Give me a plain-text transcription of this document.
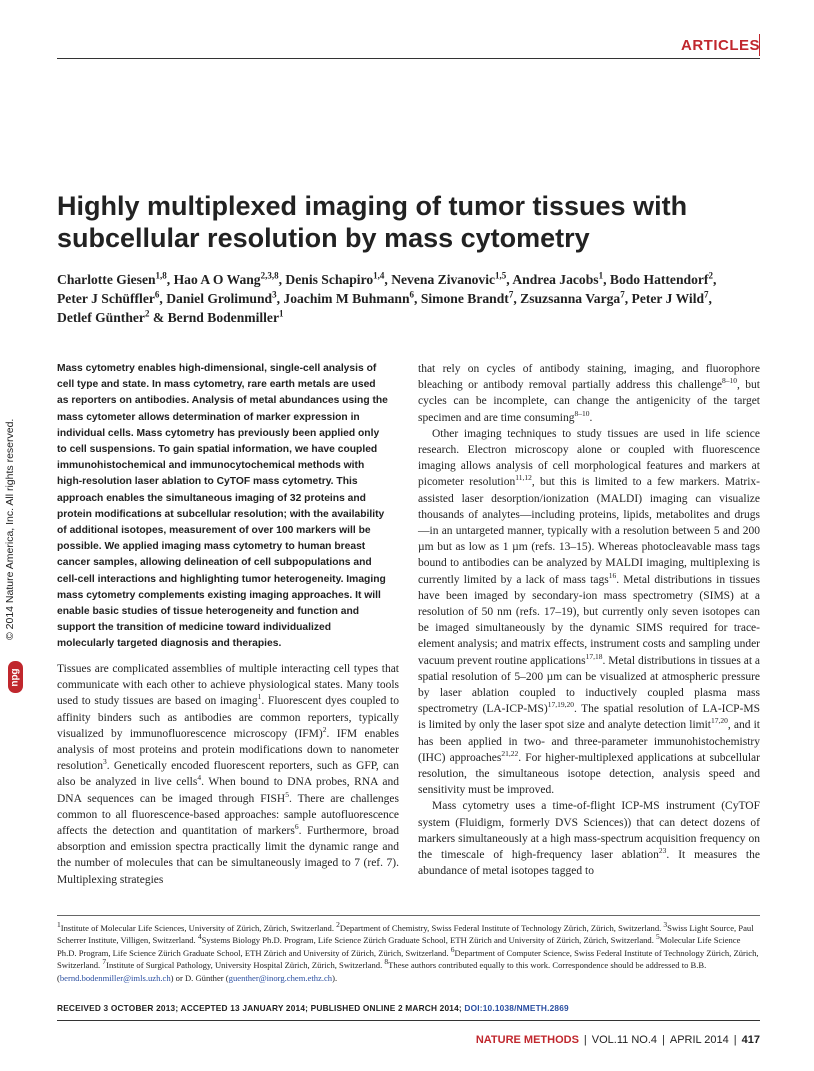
ARTICLES
© 2014 Nature America, Inc. All rights reserved.
npg
Highly multiplexed imaging of tumor tissues with subcellular resolution by mass cytometry
Charlotte Giesen$^{1,8}$, Hao A O Wang$^{2,3,8}$, Denis Schapiro$^{1,4}$, Nevena Zivanovic$^{1,5}$, Andrea Jacobs$^1$, Bodo Hattendorf$^2$, Peter J Schüffler$^6$, Daniel Grolimund$^3$, Joachim M Buhmann$^6$, Simone Brandt$^7$, Zsuzsanna Varga$^7$, Peter J Wild$^7$, Detlef Günther$^2$ & Bernd Bodenmiller$^1$
Mass cytometry enables high-dimensional, single-cell analysis of cell type and state. In mass cytometry, rare earth metals are used as reporters on antibodies. Analysis of metal abundances using the mass cytometer allows determination of marker expression in individual cells. Mass cytometry has previously been applied only to cell suspensions. To gain spatial information, we have coupled immunohistochemical and immunocytochemical methods with high-resolution laser ablation to CyTOF mass cytometry. This approach enables the simultaneous imaging of 32 proteins and protein modifications at subcellular resolution; with the availability of additional isotopes, measurement of over 100 markers will be possible. We applied imaging mass cytometry to human breast cancer samples, allowing delineation of cell subpopulations and cell-cell interactions and highlighting tumor heterogeneity. Imaging mass cytometry complements existing imaging approaches. It will enable basic studies of tissue heterogeneity and function and support the transition of medicine toward individualized molecularly targeted diagnosis and therapies.

Tissues are complicated assemblies of multiple interacting cell types that communicate with each other to achieve physiological states. Many tools used to study tissues are based on imaging$^1$. Fluorescent dyes coupled to affinity binders such as antibodies are common reporters, typically visualized by immunofluorescence microscopy (IFM)$^2$. IFM enables analysis of most proteins and protein modifications down to nanometer resolution$^3$. Genetically encoded fluorescent reporters, such as GFP, can also be analyzed in live cells$^4$. When bound to DNA probes, RNA and DNA sequences can be imaged through FISH$^5$. There are challenges common to all fluorescence-based approaches: sample autofluorescence affects the detection and quantitation of markers$^6$. Furthermore, broad absorption and emission spectra practically limit the dynamic range and the number of molecules that can be simultaneously imaged to 7 (ref. 7). Multiplexing strategies

that rely on cycles of antibody staining, imaging, and fluorophore bleaching or antibody removal partially address this challenge$^{8-10}$, but cycles can be incomplete, can change the antigenicity of the target specimen and are time consuming$^{8-10}$.

Other imaging techniques to study tissues are used in life science research. Electron microscopy alone or coupled with fluorescence imaging allows analysis of cell morphological features and markers at picometer resolution$^{11,12}$, but this is limited to a few markers. Matrix-assisted laser desorption/ionization (MALDI) imaging can visualize thousands of analytes—including proteins, lipids, metabolites and drugs—in an untargeted manner, typically with a resolution between 5 and 200 µm but as low as 1 µm (refs. 13–15). Whereas photocleavable mass tags bound to antibodies can be analyzed by MALDI imaging, multiplexing is currently limited by a lack of mass tags$^{16}$. Metal distributions in tissues have been imaged by secondary-ion mass spectrometry (SIMS) at a resolution of 50 nm (refs. 17–19), but currently only seven isotopes can be imaged simultaneously by the dynamic SIMS required for trace-element analysis; and matrix effects, instrument costs and sampling under vacuum prevent routine applications$^{17,18}$. Metal distributions in tissues at a spatial resolution of 5–200 µm can be visualized at atmospheric pressure by laser ablation coupled to inductively coupled plasma mass spectrometry $(LA-ICP-MS)^{17,19,20}$. The spatial resolution of LA-ICP-MS is limited by only the laser spot size and analyte detection limit$^{17,20}$, and it has been applied in two- and three-parameter immunohistochemistry (IHC) approaches$^{21,22}$. For higher-multiplexed applications at subcellular resolution, the simultaneous isotope detection, analysis speed and sensitivity must be improved.

Mass cytometry uses a time-of-flight ICP-MS instrument (CyTOF system (Fluidigm, formerly DVS Sciences)) that can detect dozens of markers simultaneously at a high mass-spectrum acquisition frequency on the timescale of high-frequency laser ablation$^{23}$. It measures the abundance of metal isotopes tagged to

$^1$Institute of Molecular Life Sciences, University of Zürich, Zürich, Switzerland. $^2$Department of Chemistry, Swiss Federal Institute of Technology Zürich, Zürich, Switzerland. $^3$Swiss Light Source, Paul Scherrer Institute, Villigen, Switzerland. $^4$Systems Biology Ph.D. Program, Life Science Zürich Graduate School, ETH Zürich and University of Zürich, Zürich, Switzerland. $^5$Molecular Life Science Ph.D. Program, Life Science Zürich Graduate School, ETH Zürich and University of Zürich, Zürich, Switzerland. $^6$Department of Computer Science, Swiss Federal Institute of Technology Zürich, Zürich, Switzerland. $^7$Institute of Surgical Pathology, University Hospital Zürich, Zürich, Switzerland. $^8$These authors contributed equally to this work. Correspondence should be addressed to B.B. (bernd.bodenmiller@imls.uzh.ch) or D. Günther (guenther@inorg.chem.ethz.ch).
RECEIVED 3 OCTOBER 2013; ACCEPTED 13 JANUARY 2014; PUBLISHED ONLINE 2 MARCH 2014; DOI:10.1038/NMETH.2869
NATURE METHODS | VOL.11 NO.4 | APRIL 2014 | 417
